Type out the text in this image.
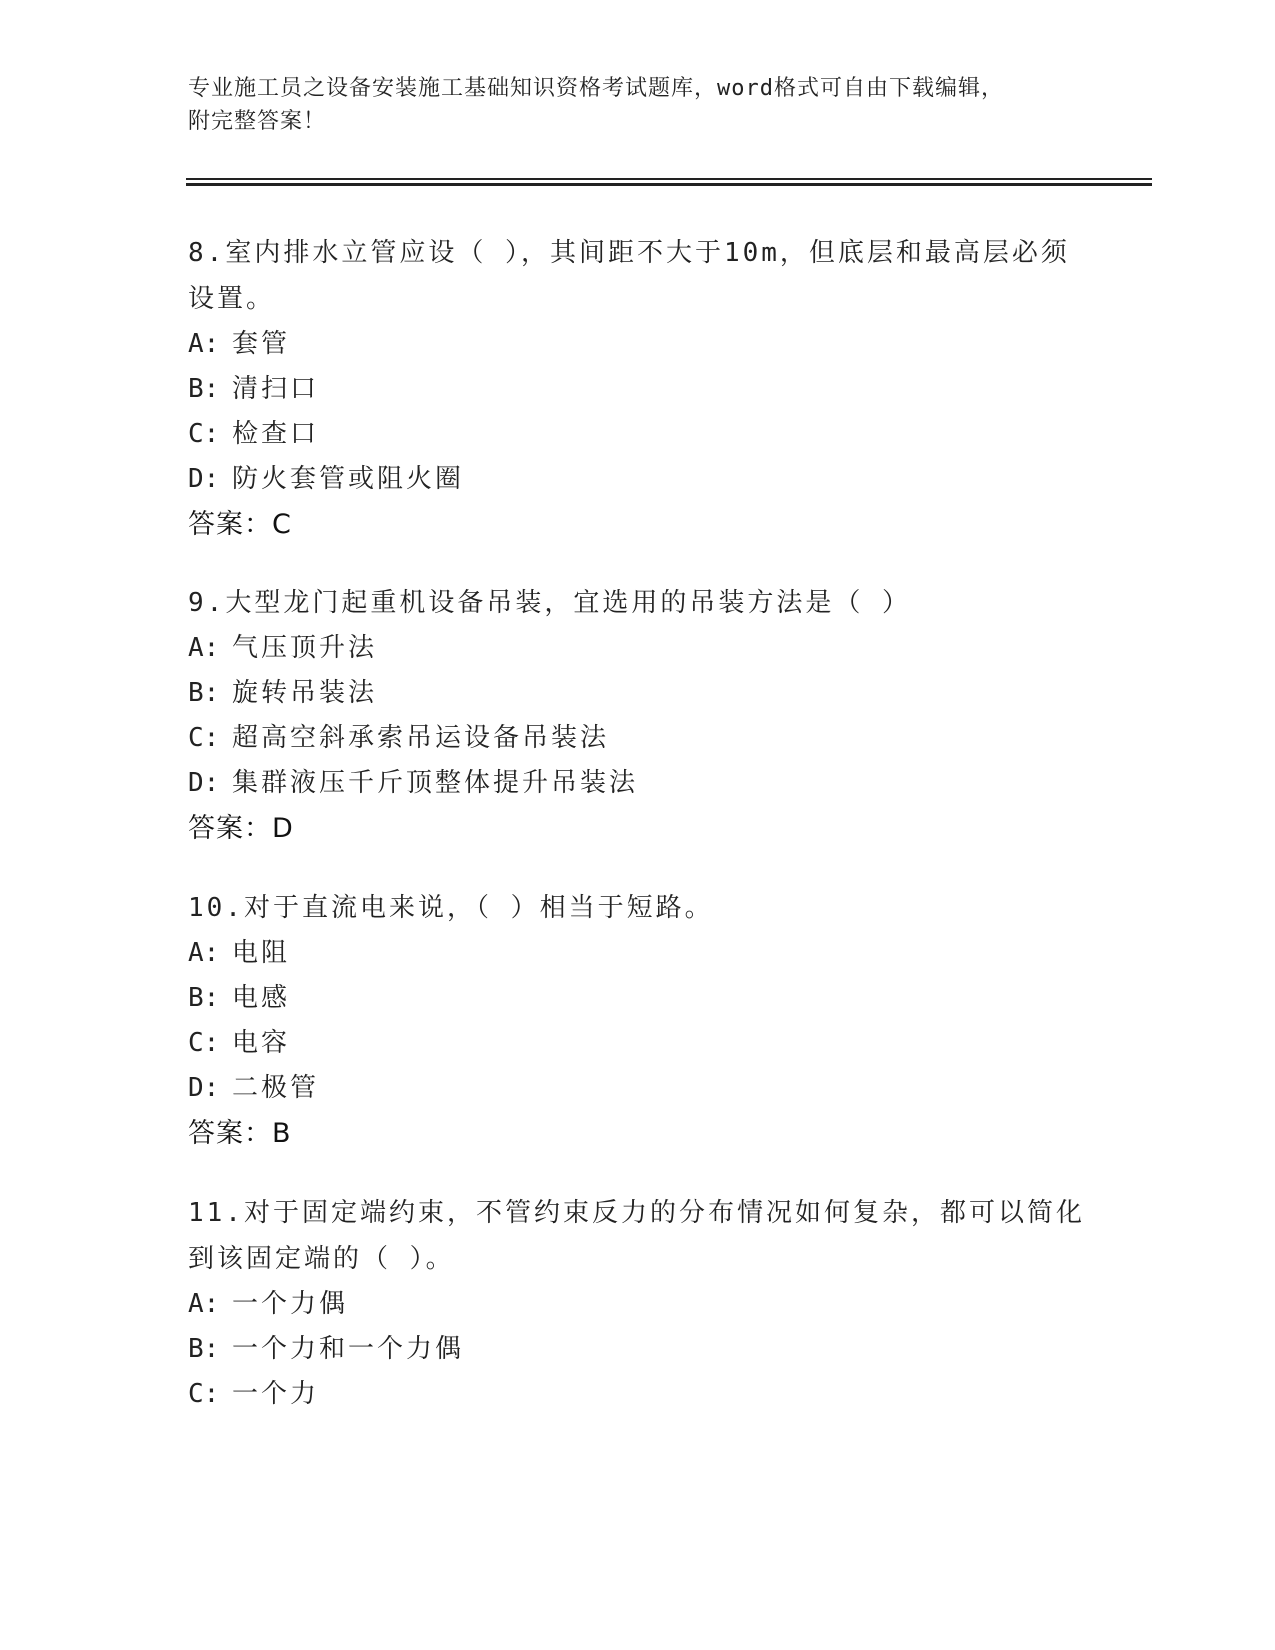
专业施工员之设备安装施工基础知识资格考试题库，word格式可自由下载编辑，
附完整答案！
8.室内排水立管应设（ ），其间距不大于10m，但底层和最高层必须
设置。
A: 套管
B: 清扫口
C: 检查口
D: 防火套管或阻火圈
答案：C
9.大型龙门起重机设备吊装，宜选用的吊装方法是（ ）
A: 气压顶升法
B: 旋转吊装法
C: 超高空斜承索吊运设备吊装法
D: 集群液压千斤顶整体提升吊装法
答案：D
10.对于直流电来说，（ ）相当于短路。
A: 电阻
B: 电感
C: 电容
D: 二极管
答案：B
11.对于固定端约束，不管约束反力的分布情况如何复杂，都可以简化
到该固定端的（ ）。
A: 一个力偶
B: 一个力和一个力偶
C: 一个力
